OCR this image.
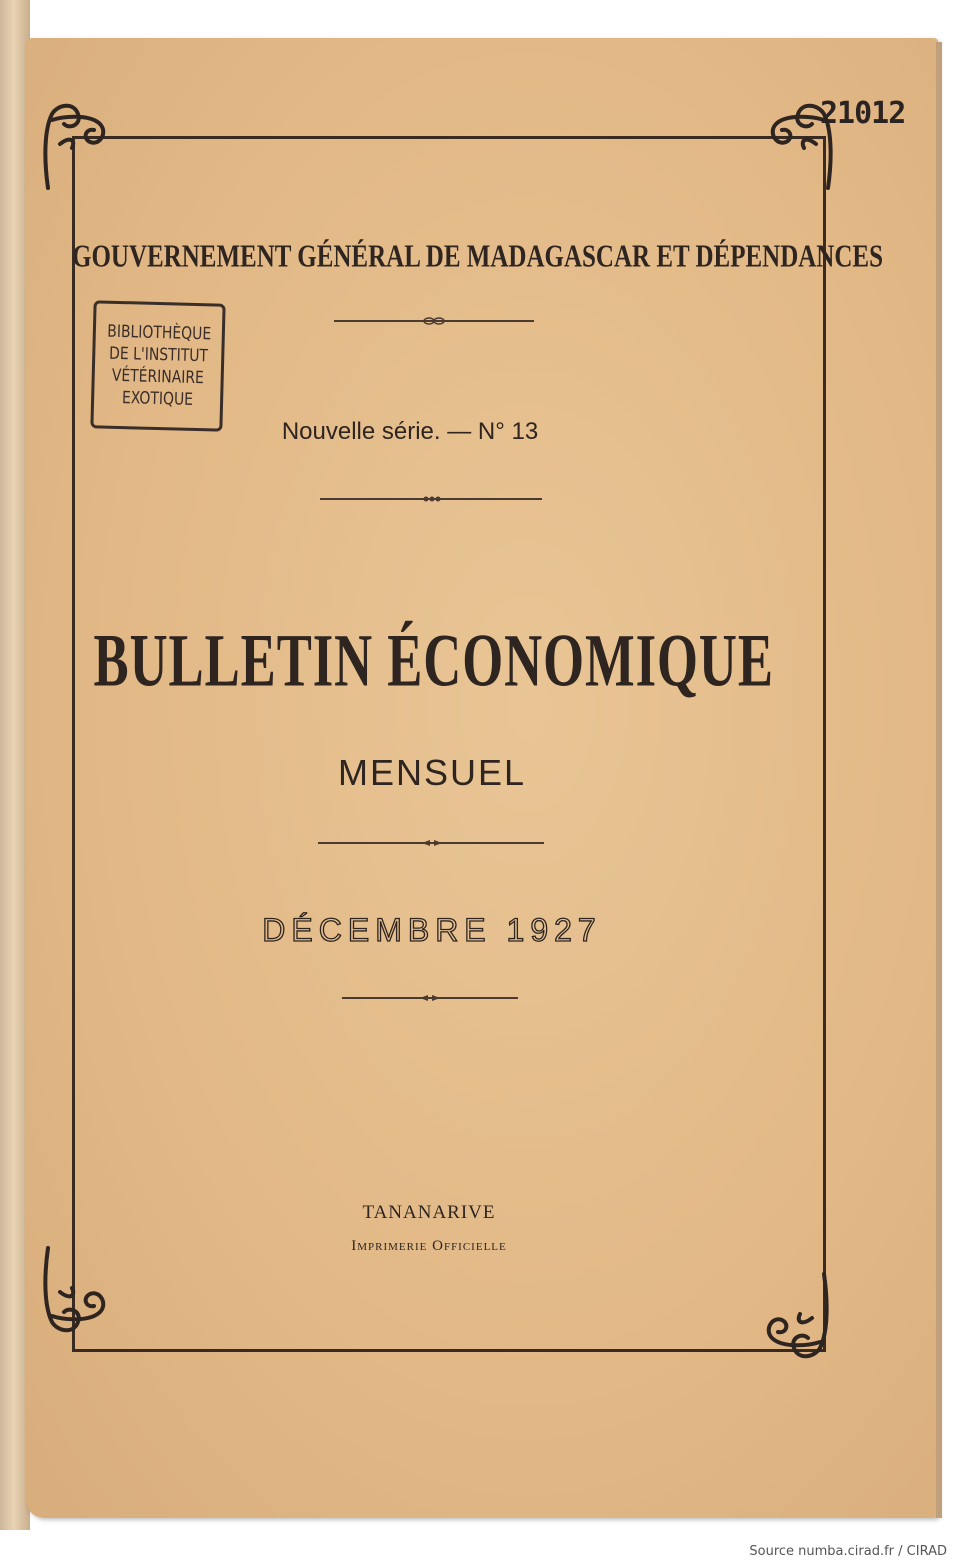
21012
GOUVERNEMENT GÉNÉRAL DE MADAGASCAR ET DÉPENDANCES
BIBLIOTHÈQUE
DE L'INSTITUT
VÉTÉRINAIRE
EXOTIQUE
Nouvelle série. — N° 13
BULLETIN ÉCONOMIQUE
MENSUEL
DÉCEMBRE 1927
TANANARIVE
Imprimerie Officielle
Source numba.cirad.fr / CIRAD
